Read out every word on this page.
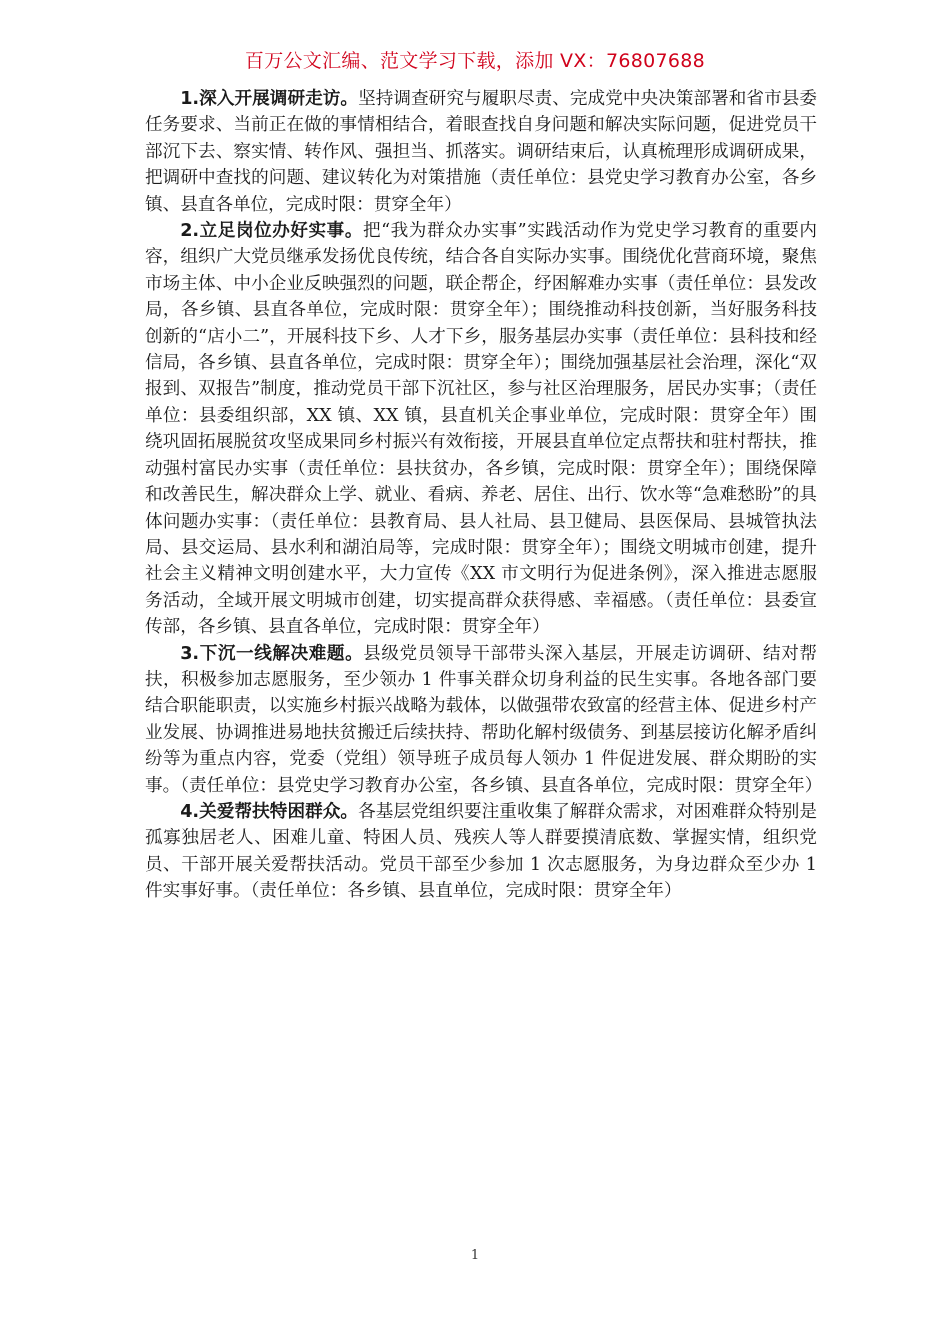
百万公文汇编、范文学习下载，添加 VX：76807688

1.深入开展调研走访。坚持调查研究与履职尽责、完成党中央决策部署和省市县委任务要求、当前正在做的事情相结合，着眼查找自身问题和解决实际问题，促进党员干部沉下去、察实情、转作风、强担当、抓落实。调研结束后，认真梳理形成调研成果，把调研中查找的问题、建议转化为对策措施（责任单位：县党史学习教育办公室，各乡镇、县直各单位，完成时限：贯穿全年）

2.立足岗位办好实事。把“我为群众办实事”实践活动作为党史学习教育的重要内容，组织广大党员继承发扬优良传统，结合各自实际办实事。围绕优化营商环境，聚焦市场主体、中小企业反映强烈的问题，联企帮企，纾困解难办实事（责任单位：县发改局，各乡镇、县直各单位，完成时限：贯穿全年）；围绕推动科技创新，当好服务科技创新的“店小二”，开展科技下乡、人才下乡，服务基层办实事（责任单位：县科技和经信局，各乡镇、县直各单位，完成时限：贯穿全年）；围绕加强基层社会治理，深化“双报到、双报告”制度，推动党员干部下沉社区，参与社区治理服务，居民办实事；（责任单位：县委组织部，XX 镇、XX 镇，县直机关企事业单位，完成时限：贯穿全年）围绕巩固拓展脱贫攻坚成果同乡村振兴有效衔接，开展县直单位定点帮扶和驻村帮扶，推动强村富民办实事（责任单位：县扶贫办，各乡镇，完成时限：贯穿全年）；围绕保障和改善民生，解决群众上学、就业、看病、养老、居住、出行、饮水等“急难愁盼”的具体问题办实事：（责任单位：县教育局、县人社局、县卫健局、县医保局、县城管执法局、县交运局、县水利和湖泊局等，完成时限：贯穿全年）；围绕文明城市创建，提升社会主义精神文明创建水平，大力宣传《XX 市文明行为促进条例》，深入推进志愿服务活动，全域开展文明城市创建，切实提高群众获得感、幸福感。（责任单位：县委宣传部，各乡镇、县直各单位，完成时限：贯穿全年）

3.下沉一线解决难题。县级党员领导干部带头深入基层，开展走访调研、结对帮扶，积极参加志愿服务，至少领办 1 件事关群众切身利益的民生实事。各地各部门要结合职能职责，以实施乡村振兴战略为载体，以做强带农致富的经营主体、促进乡村产业发展、协调推进易地扶贫搬迁后续扶持、帮助化解村级债务、到基层接访化解矛盾纠纷等为重点内容，党委（党组）领导班子成员每人领办 1 件促进发展、群众期盼的实事。（责任单位：县党史学习教育办公室，各乡镇、县直各单位，完成时限：贯穿全年）

4.关爱帮扶特困群众。各基层党组织要注重收集了解群众需求，对困难群众特别是孤寡独居老人、困难儿童、特困人员、残疾人等人群要摸清底数、掌握实情，组织党员、干部开展关爱帮扶活动。党员干部至少参加 1 次志愿服务，为身边群众至少办 1 件实事好事。（责任单位：各乡镇、县直单位，完成时限：贯穿全年）

1
